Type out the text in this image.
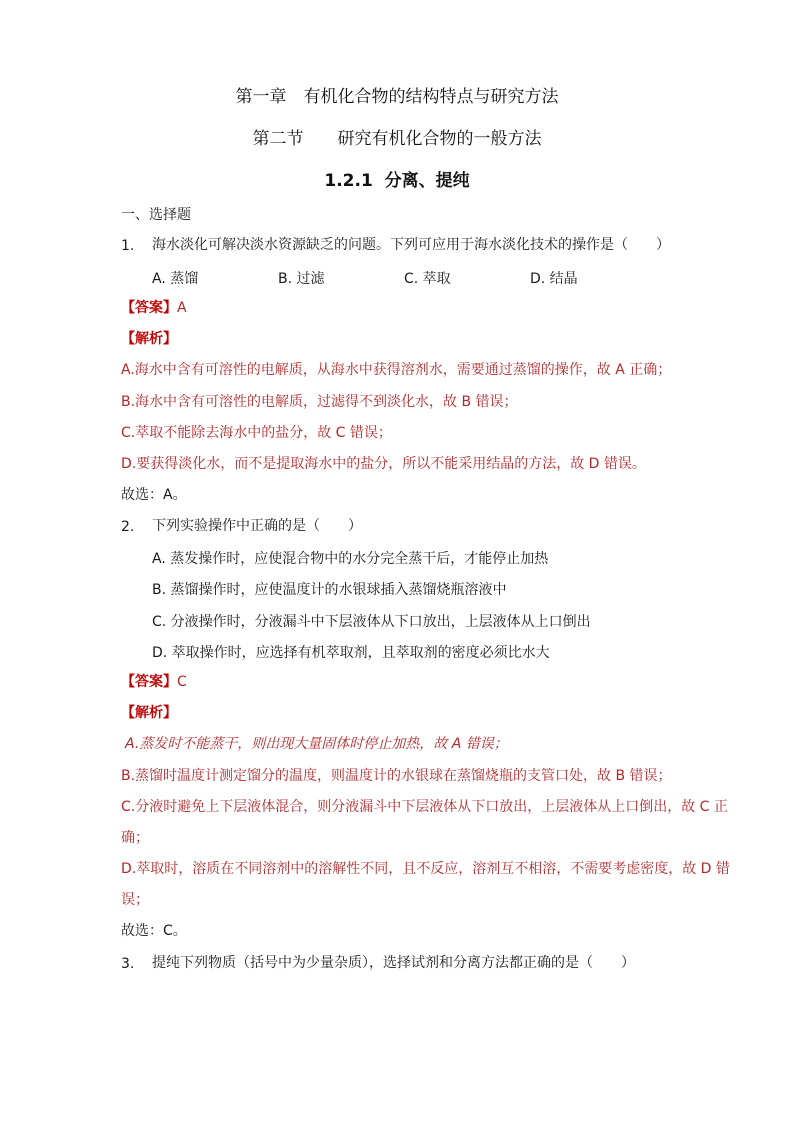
第一章　有机化合物的结构特点与研究方法
第二节　　研究有机化合物的一般方法
1.2.1  分离、提纯
一、选择题
1. 海水淡化可解决淡水资源缺乏的问题。下列可应用于海水淡化技术的操作是（　　）
A. 蒸馏	B. 过滤	C. 萃取	D. 结晶
【答案】A
【解析】
A.海水中含有可溶性的电解质，从海水中获得溶剂水，需要通过蒸馏的操作，故 A 正确；
B.海水中含有可溶性的电解质，过滤得不到淡化水，故 B 错误；
C.萃取不能除去海水中的盐分，故 C 错误；
D.要获得淡化水，而不是提取海水中的盐分，所以不能采用结晶的方法，故 D 错误。
故选：A。
2. 下列实验操作中正确的是（　　）
A. 蒸发操作时，应使混合物中的水分完全蒸干后，才能停止加热
B. 蒸馏操作时，应使温度计的水银球插入蒸馏烧瓶溶液中
C. 分液操作时，分液漏斗中下层液体从下口放出，上层液体从上口倒出
D. 萃取操作时，应选择有机萃取剂，且萃取剂的密度必须比水大
【答案】C
【解析】
A.蒸发时不能蒸干，则出现大量固体时停止加热，故 A 错误；
B.蒸馏时温度计测定馏分的温度，则温度计的水银球在蒸馏烧瓶的支管口处，故 B 错误；
C.分液时避免上下层液体混合，则分液漏斗中下层液体从下口放出，上层液体从上口倒出，故 C 正
确；
D.萃取时，溶质在不同溶剂中的溶解性不同，且不反应，溶剂互不相溶，不需要考虑密度，故 D 错
误；
故选：C。
3. 提纯下列物质（括号中为少量杂质），选择试剂和分离方法都正确的是（　　）
